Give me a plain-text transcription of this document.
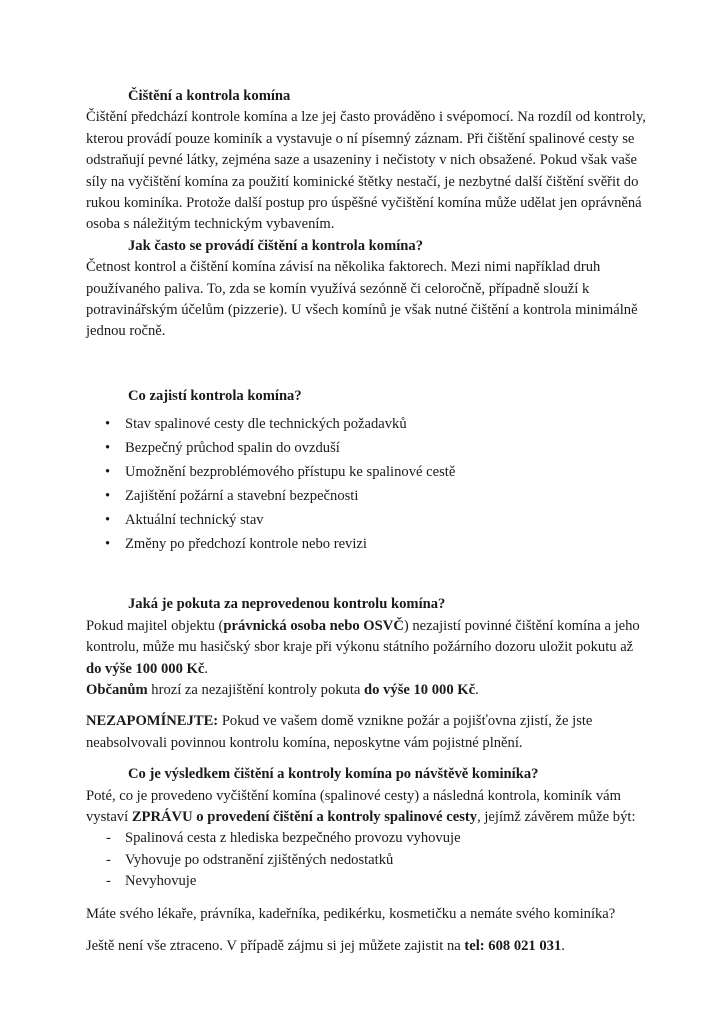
Čištění a kontrola komína

Čištění předchází kontrole komína a lze jej často prováděno i svépomocí. Na rozdíl od kontroly, kterou provádí pouze kominík a vystavuje o ní písemný záznam. Při čištění spalinové cesty se odstraňují pevné látky, zejména saze a usazeniny i nečistoty v nich obsažené. Pokud však vaše síly na vyčištění komína za použití kominické štětky nestačí, je nezbytné další čištění svěřit do rukou kominíka. Protože další postup pro úspěšné vyčištění komína může udělat jen oprávněná osoba s náležitým technickým vybavením.

Jak často se provádí čištění a kontrola komína?

Četnost kontrol a čištění komína závisí na několika faktorech. Mezi nimi například druh používaného paliva. To, zda se komín využívá sezónně či celoročně, případně slouží k potravinářským účelům (pizzerie). U všech komínů je však nutné čištění a kontrola minimálně jednou ročně.

Co zajistí kontrola komína?
• Stav spalinové cesty dle technických požadavků
• Bezpečný průchod spalin do ovzduší
• Umožnění bezproblémového přístupu ke spalinové cestě
• Zajištění požární a stavební bezpečnosti
• Aktuální technický stav
• Změny po předchozí kontrole nebo revizi
Jaká je pokuta za neprovedenou kontrolu komína?

Pokud majitel objektu (právnická osoba nebo OSVČ) nezajistí povinné čištění komína a jeho kontrolu, může mu hasičský sbor kraje při výkonu státního požárního dozoru uložit pokutu až do výše 100 000 Kč.

Občanům hrozí za nezajištění kontroly pokuta do výše 10 000 Kč.

NEZAPOMÍNEJTE: Pokud ve vašem domě vznikne požár a pojišťovna zjistí, že jste neabsolvovali povinnou kontrolu komína, neposkytne vám pojistné plnění.

Co je výsledkem čištění a kontroly komína po návštěvě kominíka?

Poté, co je provedeno vyčištění komína (spalinové cesty) a následná kontrola, kominík vám vystaví ZPRÁVU o provedení čištění a kontroly spalinové cesty, jejímž závěrem může být:

- Spalinová cesta z hlediska bezpečného provozu vyhovuje
- Vyhovuje po odstranění zjištěných nedostatků
- Nevyhovuje

Máte svého lékaře, právníka, kadeřníka, pedikérku, kosmetičku a nemáte svého kominíka?

Ještě není vše ztraceno. V případě zájmu si jej můžete zajistit na tel: 608 021 031.
